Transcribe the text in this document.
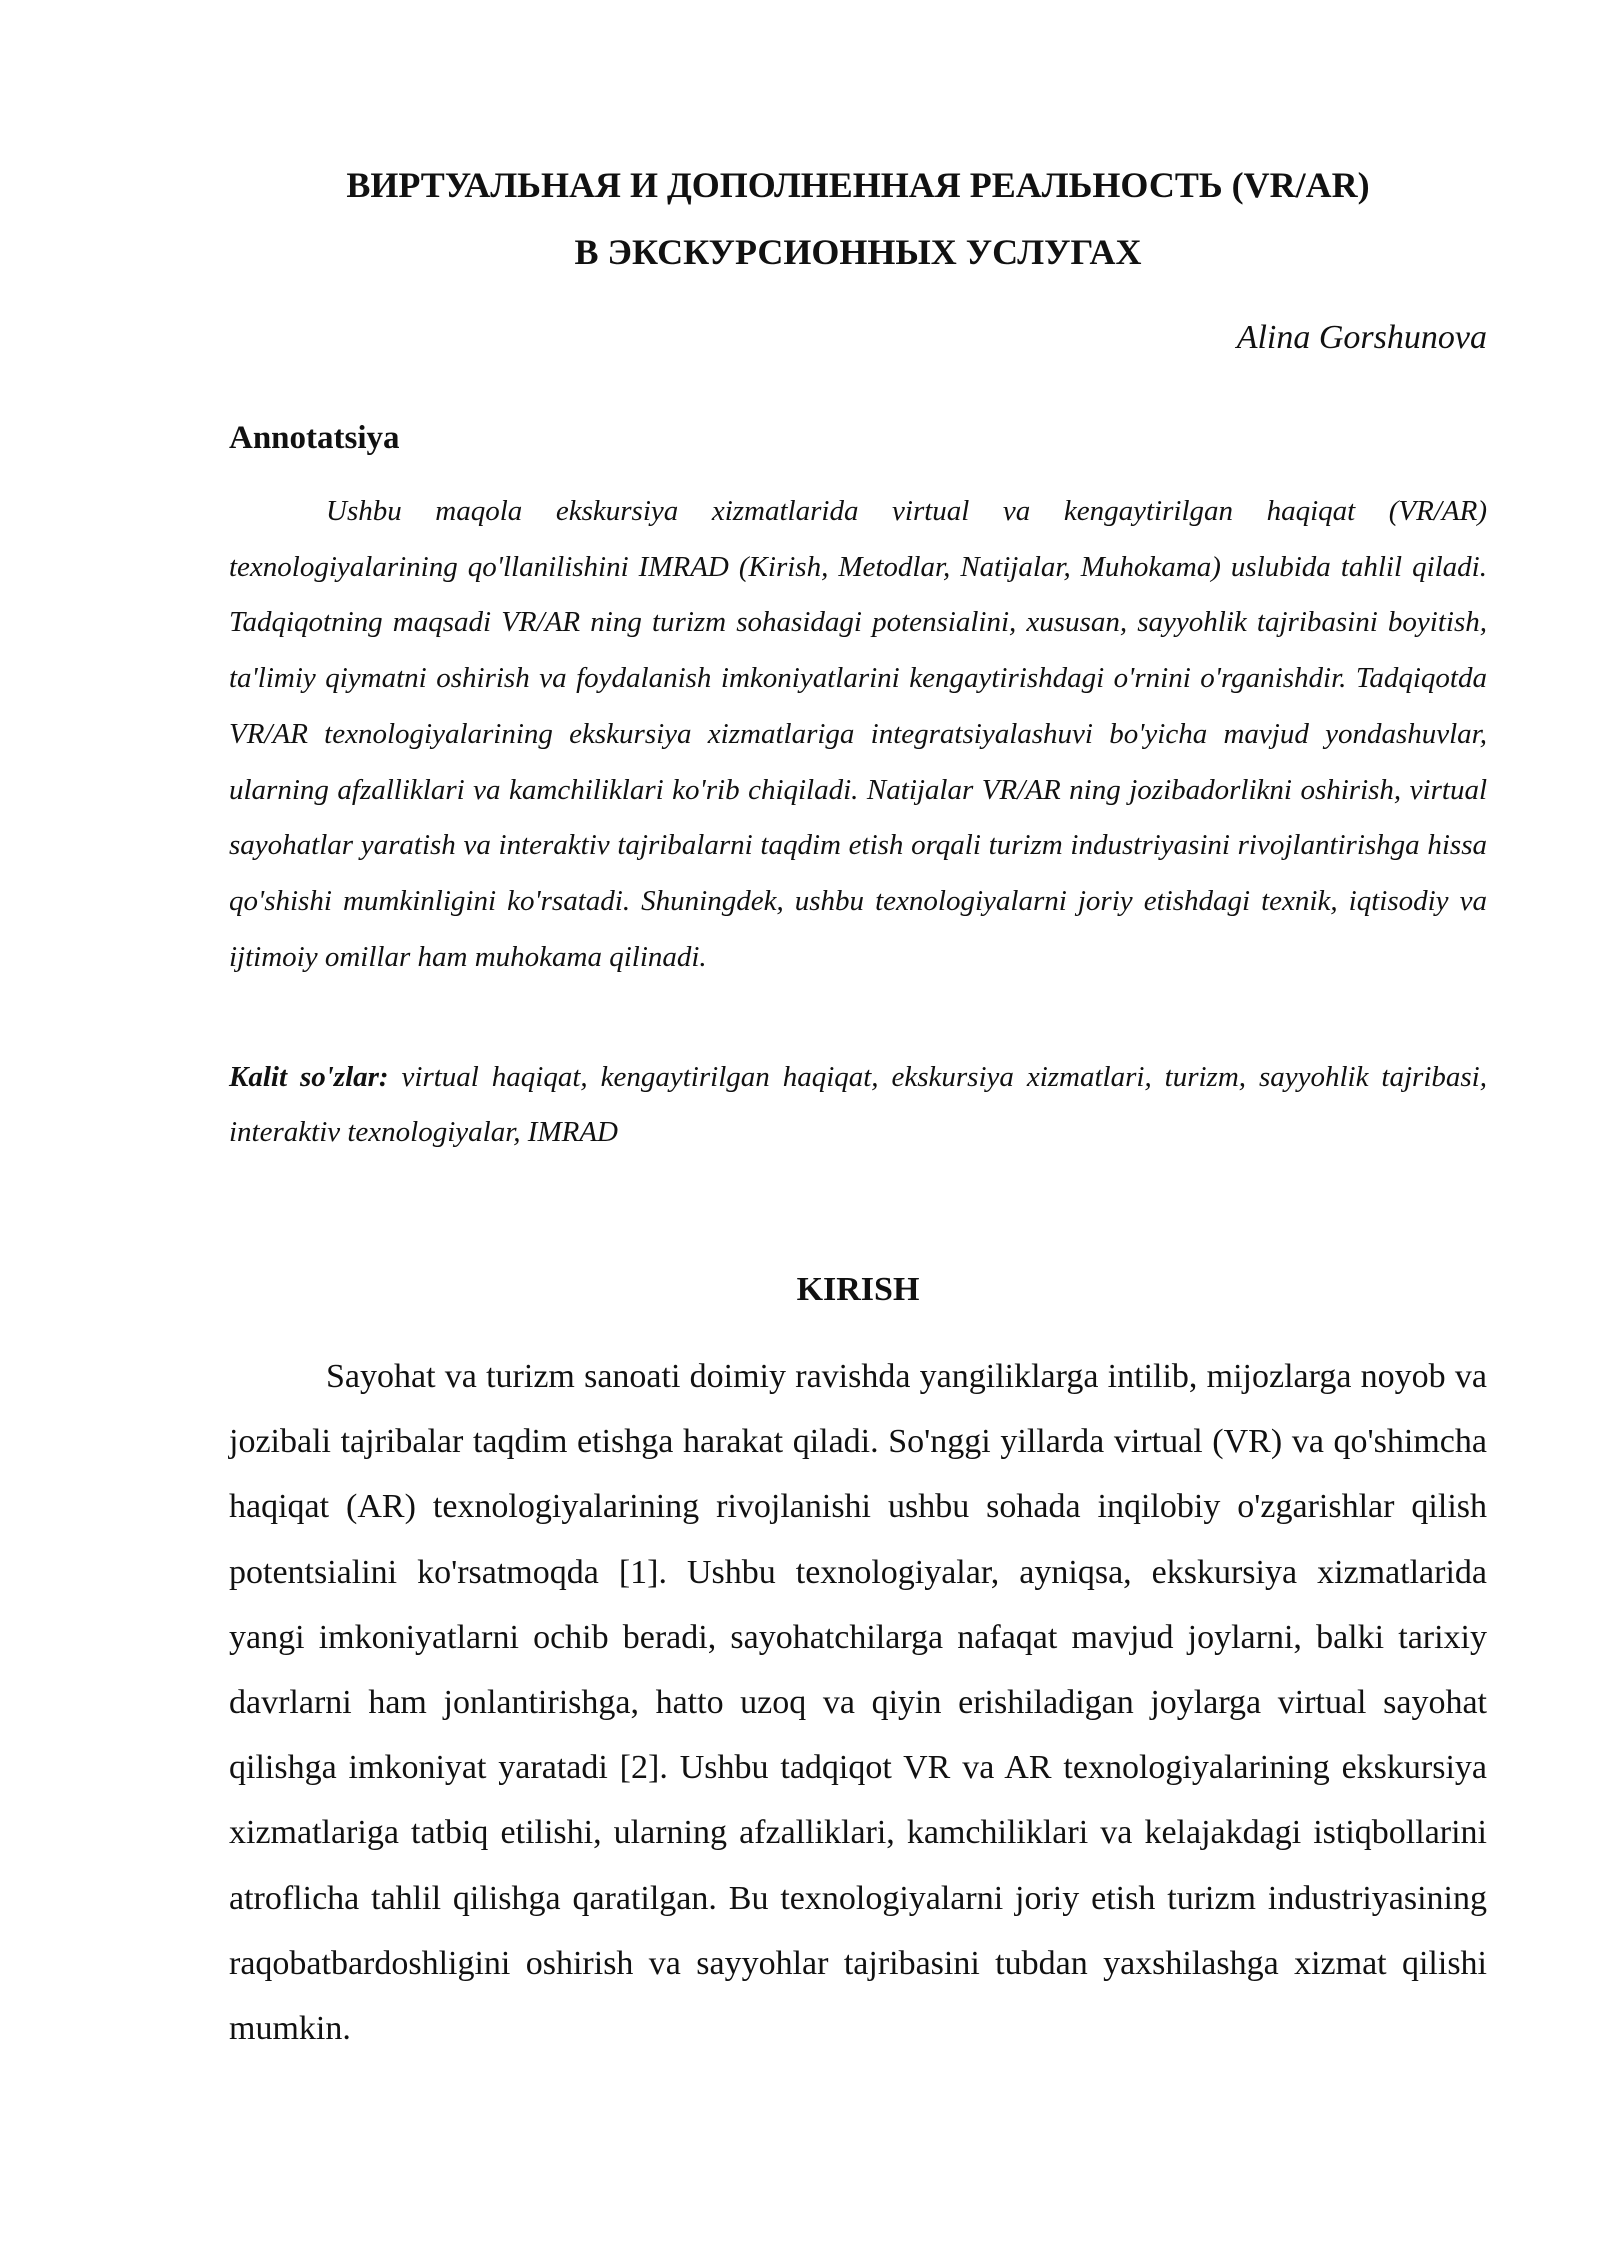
ВИРТУАЛЬНАЯ И ДОПОЛНЕННАЯ РЕАЛЬНОСТЬ (VR/AR)
В ЭКСКУРСИОННЫХ УСЛУГАХ
Alina Gorshunova
Annotatsiya

Ushbu maqola ekskursiya xizmatlarida virtual va kengaytirilgan haqiqat (VR/AR) texnologiyalarining qo'llanilishini IMRAD (Kirish, Metodlar, Natijalar, Muhokama) uslubida tahlil qiladi. Tadqiqotning maqsadi VR/AR ning turizm sohasidagi potensialini, xususan, sayyohlik tajribasini boyitish, ta'limiy qiymatni oshirish va foydalanish imkoniyatlarini kengaytirishdagi o'rnini o'rganishdir. Tadqiqotda VR/AR texnologiyalarining ekskursiya xizmatlariga integratsiyalashuvi bo'yicha mavjud yondashuvlar, ularning afzalliklari va kamchiliklari ko'rib chiqiladi. Natijalar VR/AR ning jozibadorlikni oshirish, virtual sayohatlar yaratish va interaktiv tajribalarni taqdim etish orqali turizm industriyasini rivojlantirishga hissa qo'shishi mumkinligini ko'rsatadi. Shuningdek, ushbu texnologiyalarni joriy etishdagi texnik, iqtisodiy va ijtimoiy omillar ham muhokama qilinadi.

Kalit so'zlar: virtual haqiqat, kengaytirilgan haqiqat, ekskursiya xizmatlari, turizm, sayyohlik tajribasi, interaktiv texnologiyalar, IMRAD

KIRISH

Sayohat va turizm sanoati doimiy ravishda yangiliklarga intilib, mijozlarga noyob va jozibali tajribalar taqdim etishga harakat qiladi. So'nggi yillarda virtual (VR) va qo'shimcha haqiqat (AR) texnologiyalarining rivojlanishi ushbu sohada inqilobiy o'zgarishlar qilish potentsialini ko'rsatmoqda [1]. Ushbu texnologiyalar, ayniqsa, ekskursiya xizmatlarida yangi imkoniyatlarni ochib beradi, sayohatchilarga nafaqat mavjud joylarni, balki tarixiy davrlarni ham jonlantirishga, hatto uzoq va qiyin erishiladigan joylarga virtual sayohat qilishga imkoniyat yaratadi [2]. Ushbu tadqiqot VR va AR texnologiyalarining ekskursiya xizmatlariga tatbiq etilishi, ularning afzalliklari, kamchiliklari va kelajakdagi istiqbollarini atroflicha tahlil qilishga qaratilgan. Bu texnologiyalarni joriy etish turizm industriyasining raqobatbardoshligini oshirish va sayyohlar tajribasini tubdan yaxshilashga xizmat qilishi mumkin.
